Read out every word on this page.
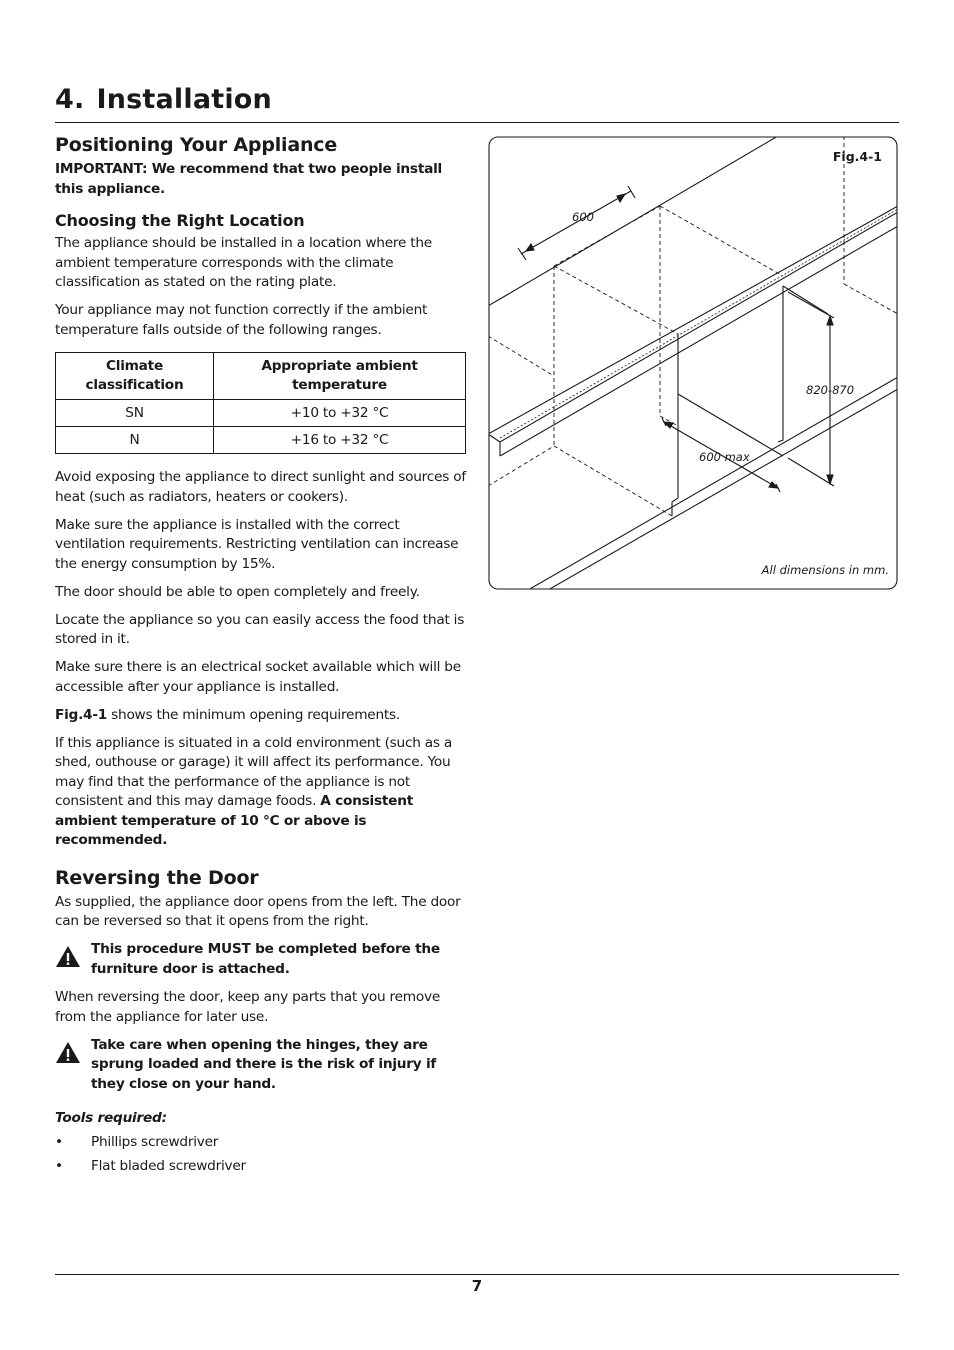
4. Installation
Positioning Your Appliance

IMPORTANT: We recommend that two people install this appliance.

Choosing the Right Location

The appliance should be installed in a location where the ambient temperature corresponds with the climate classification as stated on the rating plate.

Your appliance may not function correctly if the ambient temperature falls outside of the following ranges.

Climate classification	Appropriate ambient temperature
SN	+10 to +32 °C
N	+16 to +32 °C

Avoid exposing the appliance to direct sunlight and sources of heat (such as radiators, heaters or cookers).

Make sure the appliance is installed with the correct ventilation requirements. Restricting ventilation can increase the energy consumption by 15%.

The door should be able to open completely and freely.

Locate the appliance so you can easily access the food that is stored in it.

Make sure there is an electrical socket available which will be accessible after your appliance is installed.

Fig.4-1 shows the minimum opening requirements.

If this appliance is situated in a cold environment (such as a shed, outhouse or garage) it will affect its performance. You may find that the performance of the appliance is not consistent and this may damage foods. A consistent ambient temperature of 10 °C or above is recommended.

Reversing the Door

As supplied, the appliance door opens from the left. The door can be reversed so that it opens from the right.

This procedure MUST be completed before the furniture door is attached.

When reversing the door, keep any parts that you remove from the appliance for later use.

Take care when opening the hinges, they are sprung loaded and there is the risk of injury if they close on your hand.

Tools required:

•	Phillips screwdriver
•	Flat bladed screwdriver
Fig.4-1
600
820-870
600 max
All dimensions in mm.
7
